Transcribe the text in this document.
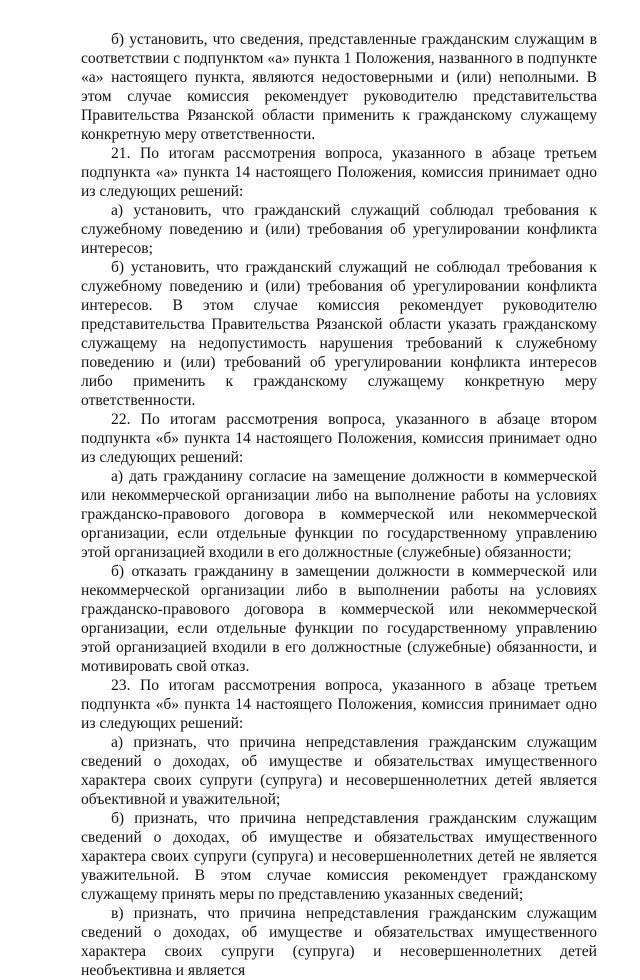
б) установить, что сведения, представленные гражданским служащим в соответствии с подпунктом «а» пункта 1 Положения, названного в подпункте «а» настоящего пункта, являются недостоверными и (или) неполными. В этом случае комиссия рекомендует руководителю представительства Правительства Рязанской области применить к гражданскому служащему конкретную меру ответственности.

21. По итогам рассмотрения вопроса, указанного в абзаце третьем подпункта «а» пункта 14 настоящего Положения, комиссия принимает одно из следующих решений:

а) установить, что гражданский служащий соблюдал требования к служебному поведению и (или) требования об урегулировании конфликта интересов;

б) установить, что гражданский служащий не соблюдал требования к служебному поведению и (или) требования об урегулировании конфликта интересов. В этом случае комиссия рекомендует руководителю представительства Правительства Рязанской области указать гражданскому служащему на недопустимость нарушения требований к служебному поведению и (или) требований об урегулировании конфликта интересов либо применить к гражданскому служащему конкретную меру ответственности.

22. По итогам рассмотрения вопроса, указанного в абзаце втором подпункта «б» пункта 14 настоящего Положения, комиссия принимает одно из следующих решений:

а) дать гражданину согласие на замещение должности в коммерческой или некоммерческой организации либо на выполнение работы на условиях гражданско-правового договора в коммерческой или некоммерческой организации, если отдельные функции по государственному управлению этой организацией входили в его должностные (служебные) обязанности;

б) отказать гражданину в замещении должности в коммерческой или некоммерческой организации либо в выполнении работы на условиях гражданско-правового договора в коммерческой или некоммерческой организации, если отдельные функции по государственному управлению этой организацией входили в его должностные (служебные) обязанности, и мотивировать свой отказ.

23. По итогам рассмотрения вопроса, указанного в абзаце третьем подпункта «б» пункта 14 настоящего Положения, комиссия принимает одно из следующих решений:

а) признать, что причина непредставления гражданским служащим сведений о доходах, об имуществе и обязательствах имущественного характера своих супруги (супруга) и несовершеннолетних детей является объективной и уважительной;

б) признать, что причина непредставления гражданским служащим сведений о доходах, об имуществе и обязательствах имущественного характера своих супруги (супруга) и несовершеннолетних детей не является уважительной. В этом случае комиссия рекомендует гражданскому служащему принять меры по представлению указанных сведений;

в) признать, что причина непредставления гражданским служащим сведений о доходах, об имуществе и обязательствах имущественного характера своих супруги (супруга) и несовершеннолетних детей необъективна и является
